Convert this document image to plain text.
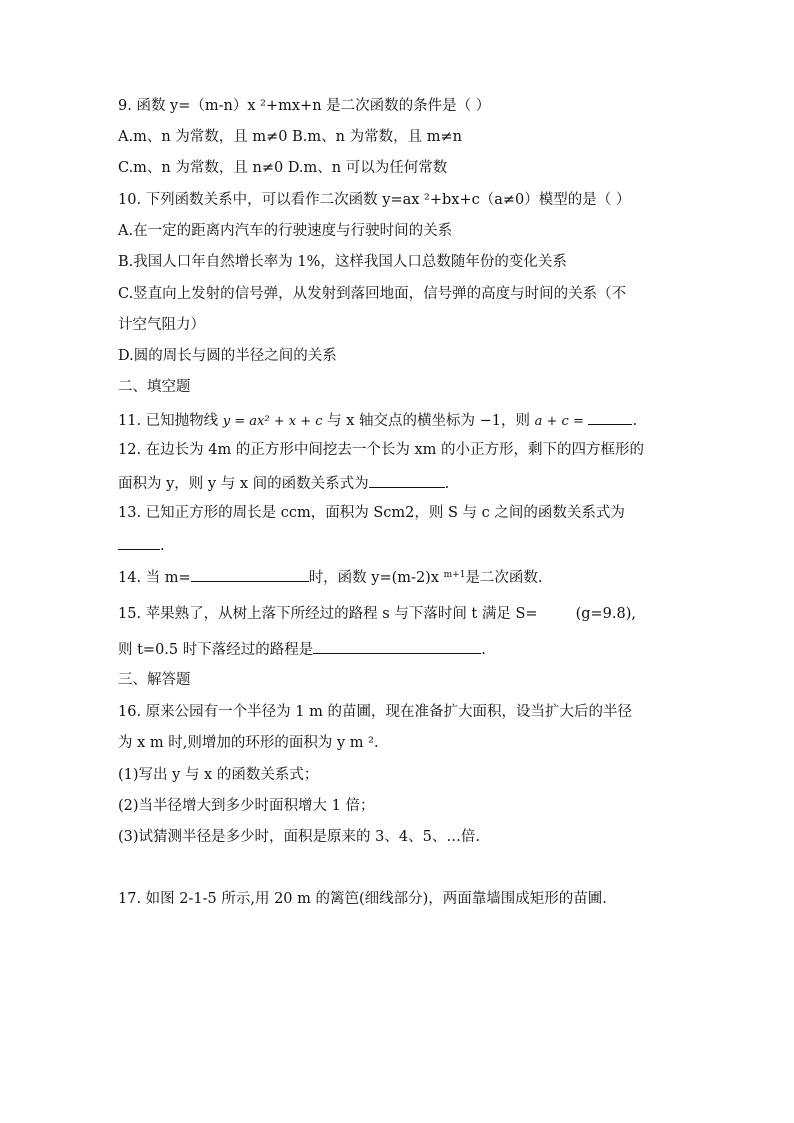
9. 函数 y=（m-n）x ²+mx+n 是二次函数的条件是（ ）
A.m、n 为常数，且 m≠0 B.m、n 为常数，且 m≠n
C.m、n 为常数，且 n≠0 D.m、n 可以为任何常数
10. 下列函数关系中，可以看作二次函数 y=ax ²+bx+c（a≠0）模型的是（ ）
A.在一定的距离内汽车的行驶速度与行驶时间的关系
B.我国人口年自然增长率为 1%，这样我国人口总数随年份的变化关系
C.竖直向上发射的信号弹，从发射到落回地面，信号弹的高度与时间的关系（不
计空气阻力）
D.圆的周长与圆的半径之间的关系
二、填空题
11. 已知抛物线 y = ax² + x + c 与 x 轴交点的横坐标为 −1，则 a + c =	.
12. 在边长为 4m 的正方形中间挖去一个长为 xm 的小正方形，剩下的四方框形的
面积为 y，则 y 与 x 间的函数关系式为	.
13. 已知正方形的周长是 ccm，面积为 Scm2，则 S 与 c 之间的函数关系式为
.
14. 当 m=	时，函数 y=(m-2)x $^{m+1}$是二次函数.
15. 苹果熟了，从树上落下所经过的路程 s 与下落时间 t 满足 S=	(g=9.8),
则 t=0.5 时下落经过的路程是	.
三、解答题
16. 原来公园有一个半径为 1 m 的苗圃，现在准备扩大面积，设当扩大后的半径
为 x m 时,则增加的环形的面积为 y m ².
(1)写出 y 与 x 的函数关系式；
(2)当半径增大到多少时面积增大 1 倍；
(3)试猜测半径是多少时，面积是原来的 3、4、5、…倍.
17. 如图 2-1-5 所示,用 20 m 的篱笆(细线部分)，两面靠墙围成矩形的苗圃.
